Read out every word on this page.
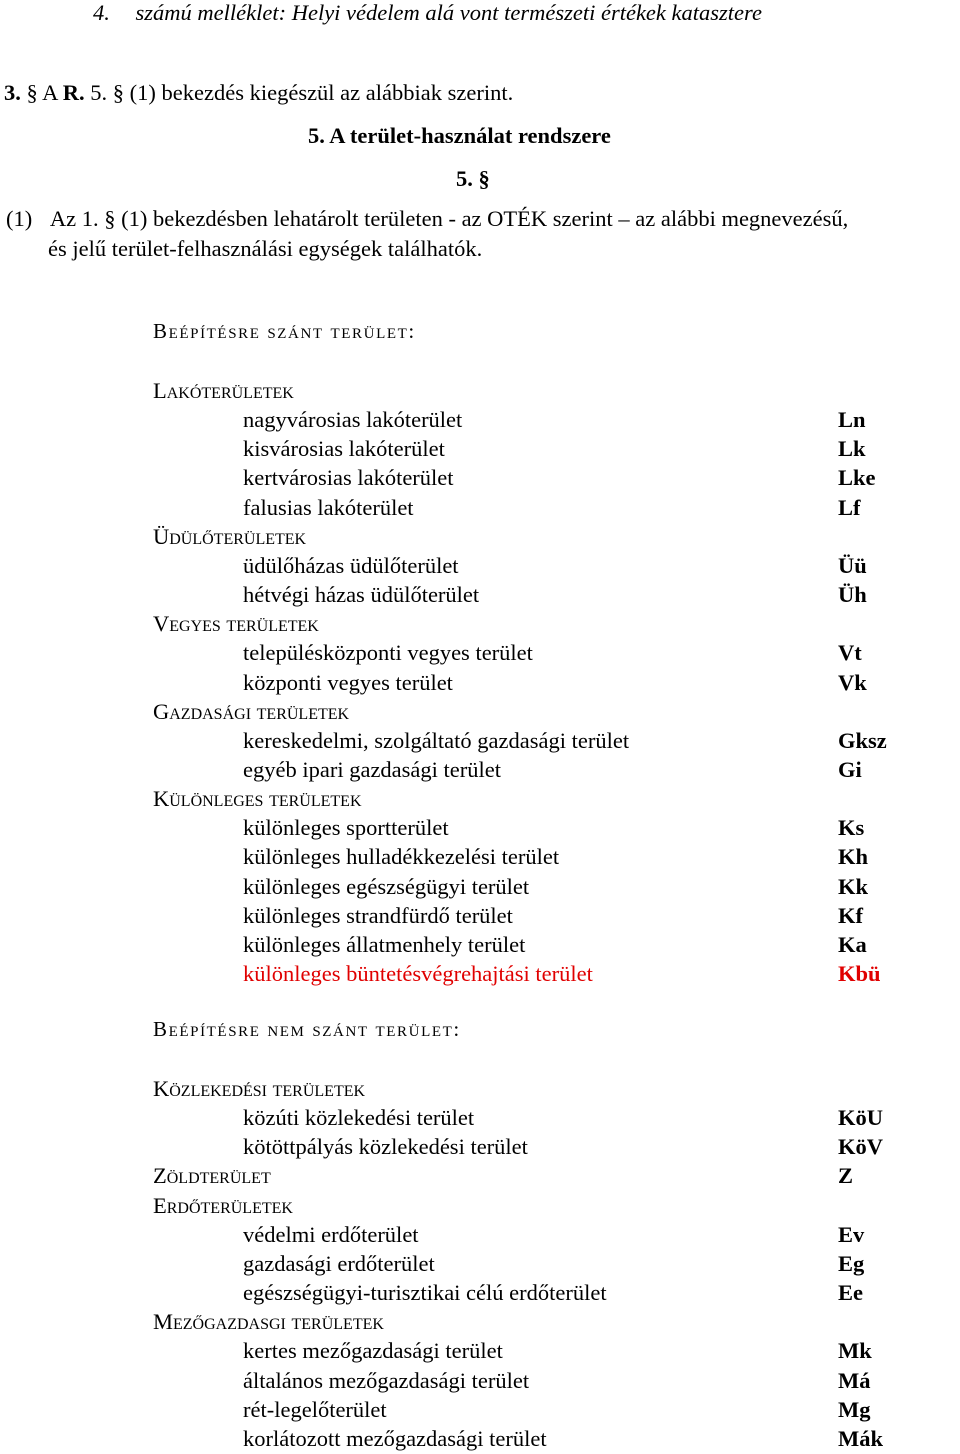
4. számú melléklet: Helyi védelem alá vont természeti értékek katasztere
3. § A R. 5. § (1) bekezdés kiegészül az alábbiak szerint.
5. A terület-használat rendszere
5. §
(1) Az 1. § (1) bekezdésben lehatárolt területen - az OTÉK szerint – az alábbi megnevezésű,
és jelű terület-felhasználási egységek találhatók.
Beépítésre szánt terület:
Lakóterületek
nagyvárosias lakóterület	Ln
kisvárosias lakóterület	Lk
kertvárosias lakóterület	Lke
falusias lakóterület	Lf
Üdülőterületek
üdülőházas üdülőterület	Üü
hétvégi házas üdülőterület	Üh
Vegyes területek
településközponti vegyes terület	Vt
központi vegyes terület	Vk
Gazdasági területek
kereskedelmi, szolgáltató gazdasági terület	Gksz
egyéb ipari gazdasági terület	Gi
Különleges területek
különleges sportterület	Ks
különleges hulladékkezelési terület	Kh
különleges egészségügyi terület	Kk
különleges strandfürdő terület	Kf
különleges állatmenhely terület	Ka
különleges büntetésvégrehajtási terület	Kbü
Beépítésre nem szánt terület:
Közlekedési területek
közúti közlekedési terület	KöU
kötöttpályás közlekedési terület	KöV
Zöldterület	Z
Erdőterületek
védelmi erdőterület	Ev
gazdasági erdőterület	Eg
egészségügyi-turisztikai célú erdőterület	Ee
Mezőgazdasgi területek
kertes mezőgazdasági terület	Mk
általános mezőgazdasági terület	Má
rét-legelőterület	Mg
korlátozott mezőgazdasági terület	Mák
